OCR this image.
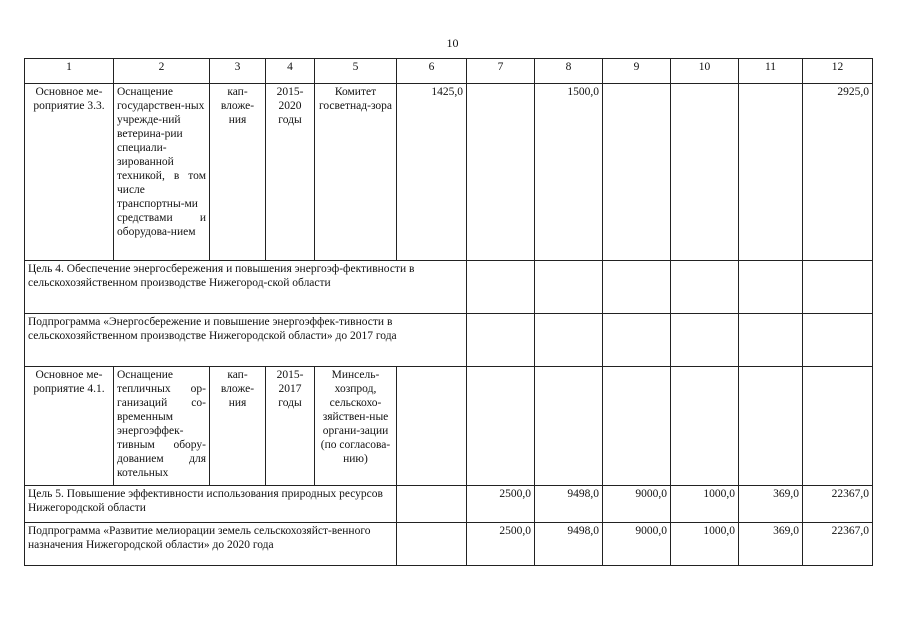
10
1	2	3	4	5	6	7	8	9	10	11	12
Основное ме-роприятие 3.3.	Оснащение государствен-ных учрежде-ний ветерина-рии специали-зированной техникой, в том числе транспортны-ми средствами и оборудова-нием	кап-вложе-ния	2015-2020 годы	Комитет госветнад-зора	1425,0		1500,0				2925,0
Цель 4. Обеспечение энергосбережения и повышения энергоэф-фективности в сельскохозяйственном производстве Нижегород-ской области											
Подпрограмма «Энергосбережение и повышение энергоэффек-тивности в сельскохозяйственном производстве Нижегородской области» до 2017 года											
Основное ме-роприятие 4.1.	Оснащение тепличных ор-ганизаций со-временным энергоэффек-тивным обору-дованием для котельных	кап-вложе-ния	2015-2017 годы	Минсель-хозпрод, сельскохо-зяйствен-ные органи-зации (по согласова-нию)							
Цель 5. Повышение эффективности использования природных ресурсов Нижегородской области						2500,0	9498,0	9000,0	1000,0	369,0	22367,0
Подпрограмма «Развитие мелиорации земель сельскохозяйст-венного назначения Нижегородской области» до 2020 года						2500,0	9498,0	9000,0	1000,0	369,0	22367,0
